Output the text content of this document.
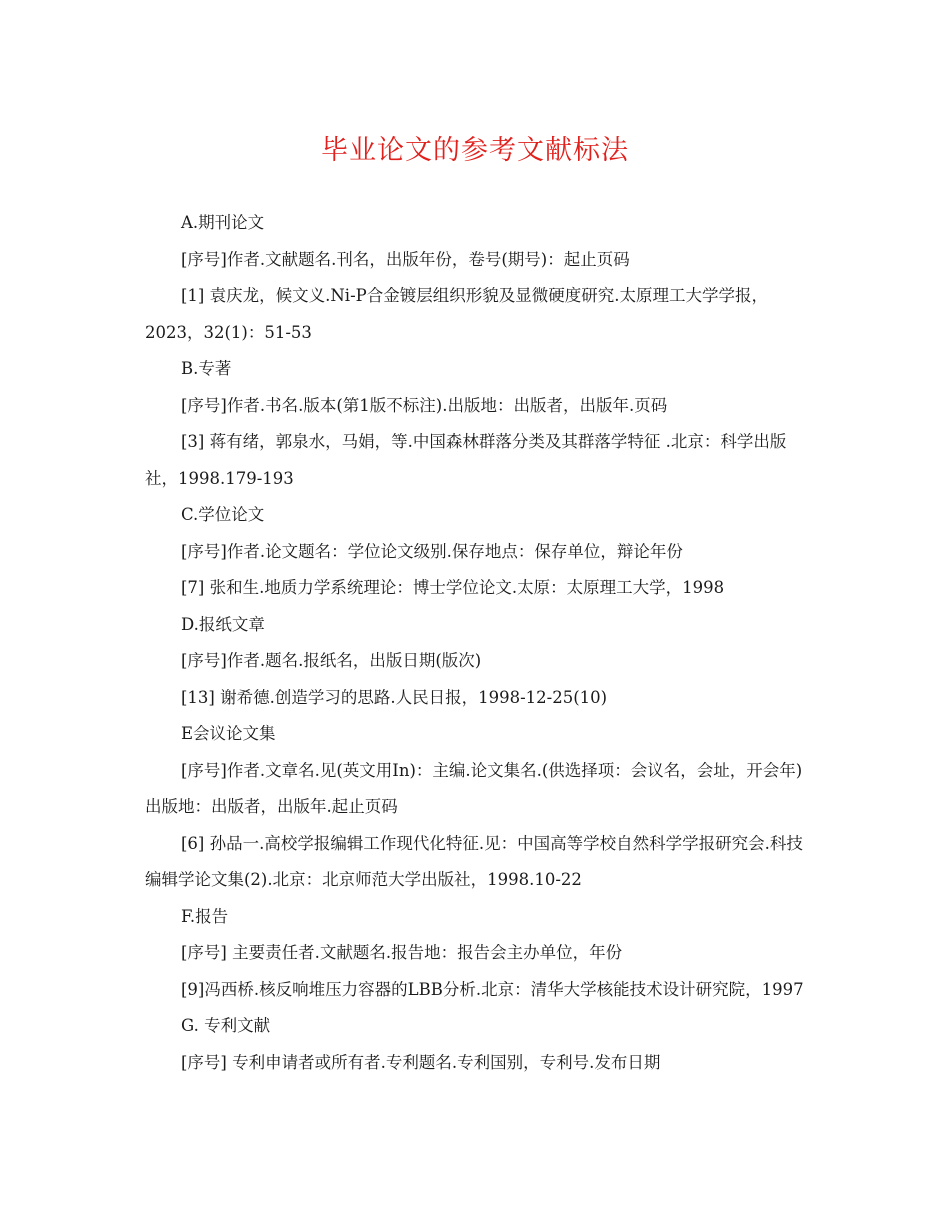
毕业论文的参考文献标法

A.期刊论文

[序号]作者.文献题名.刊名，出版年份，卷号(期号)：起止页码

[1] 袁庆龙，候文义.Ni-P合金镀层组织形貌及显微硬度研究.太原理工大学学报，2023，32(1)：51-53

B.专著

[序号]作者.书名.版本(第1版不标注).出版地：出版者，出版年.页码

[3] 蒋有绪，郭泉水，马娟，等.中国森林群落分类及其群落学特征 .北京：科学出版社，1998.179-193

C.学位论文

[序号]作者.论文题名：学位论文级别.保存地点：保存单位，辩论年份

[7] 张和生.地质力学系统理论：博士学位论文.太原：太原理工大学，1998

D.报纸文章

[序号]作者.题名.报纸名，出版日期(版次)

[13] 谢希德.创造学习的思路.人民日报，1998-12-25(10)

E会议论文集

[序号]作者.文章名.见(英文用In)：主编.论文集名.(供选择项：会议名，会址，开会年)出版地：出版者，出版年.起止页码

[6] 孙品一.高校学报编辑工作现代化特征.见：中国高等学校自然科学学报研究会.科技编辑学论文集(2).北京：北京师范大学出版社，1998.10-22

F.报告

[序号] 主要责任者.文献题名.报告地：报告会主办单位，年份

[9]冯西桥.核反响堆压力容器的LBB分析.北京：清华大学核能技术设计研究院，1997

G. 专利文献

[序号] 专利申请者或所有者.专利题名.专利国别，专利号.发布日期
